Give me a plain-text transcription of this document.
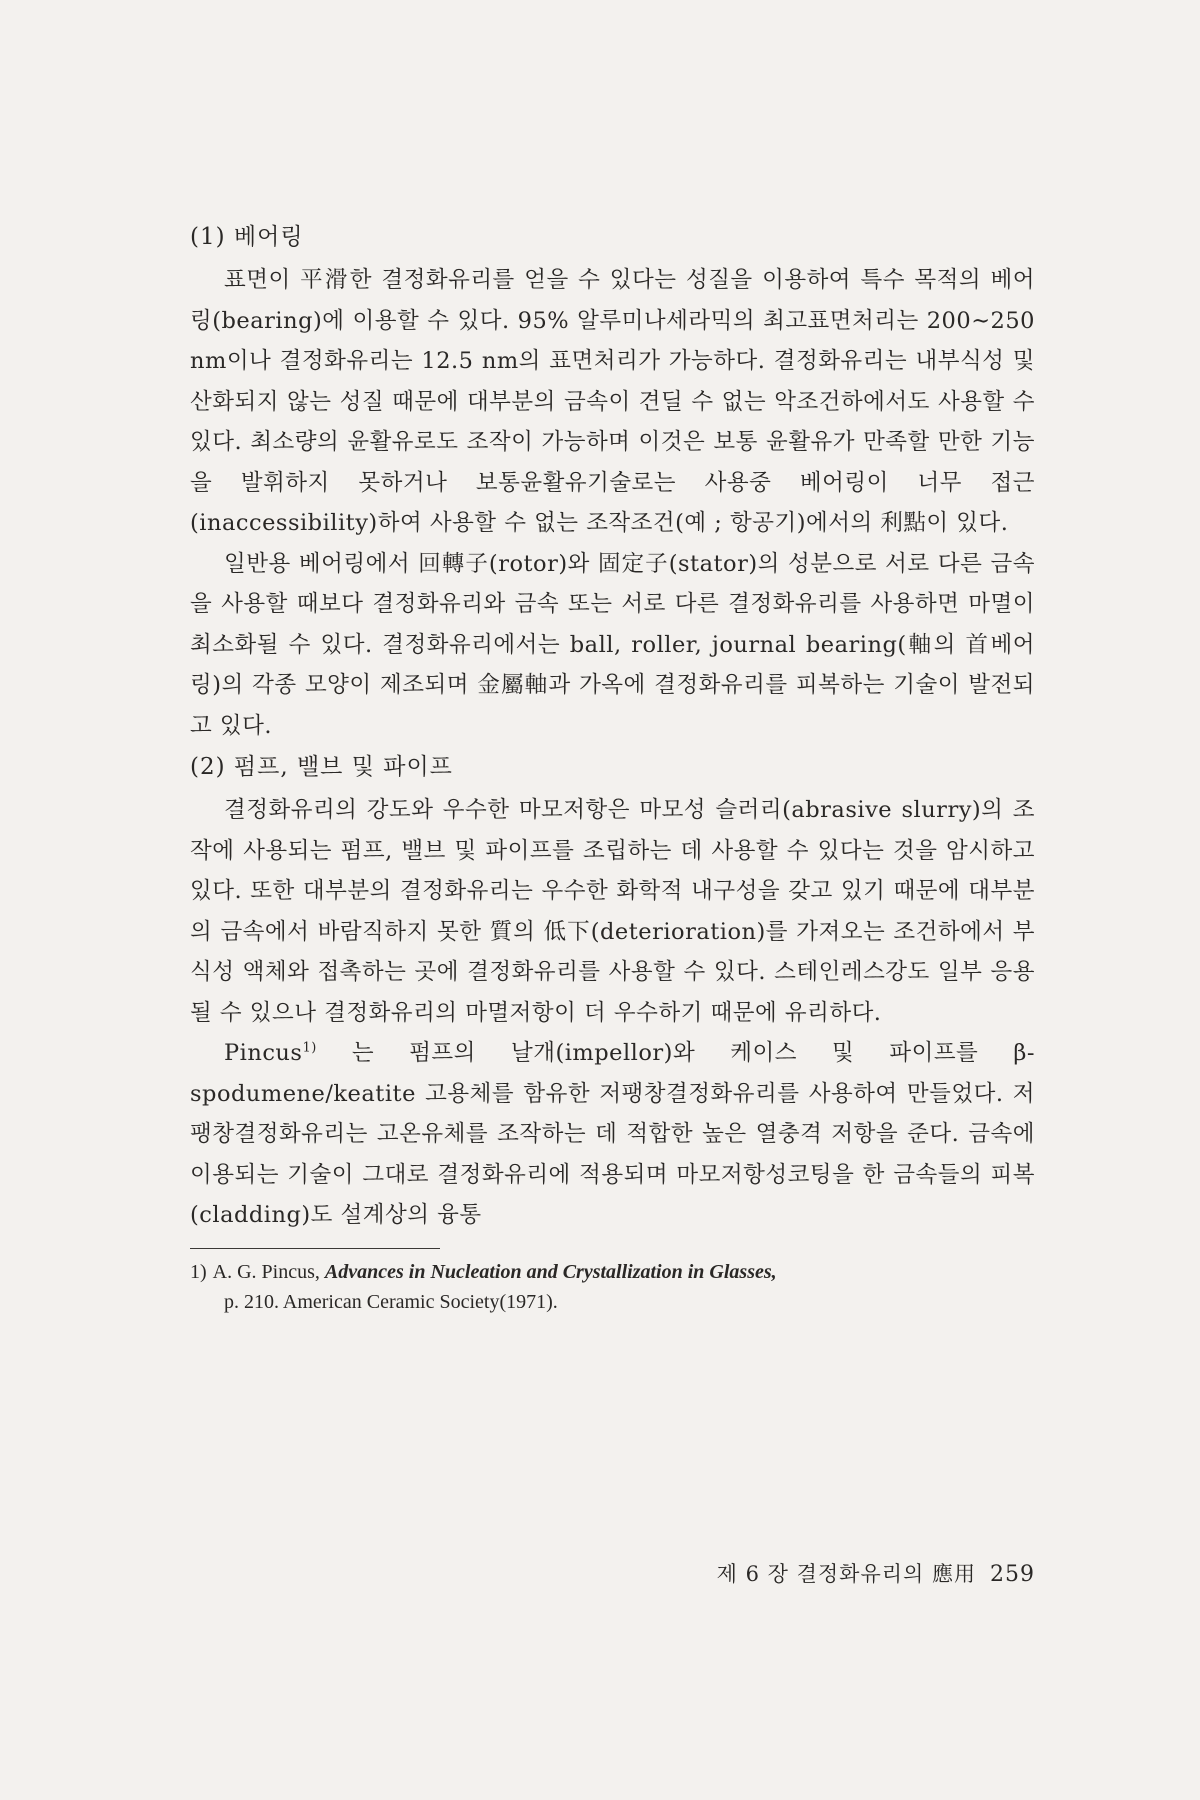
(1) 베어링

표면이 平滑한 결정화유리를 얻을 수 있다는 성질을 이용하여 특수 목적의 베어링(bearing)에 이용할 수 있다. 95% 알루미나세라믹의 최고표면처리는 200∼250 nm이나 결정화유리는 12.5 nm의 표면처리가 가능하다. 결정화유리는 내부식성 및 산화되지 않는 성질 때문에 대부분의 금속이 견딜 수 없는 악조건하에서도 사용할 수 있다. 최소량의 윤활유로도 조작이 가능하며 이것은 보통 윤활유가 만족할 만한 기능을 발휘하지 못하거나 보통윤활유기술로는 사용중 베어링이 너무 접근(inaccessibility)하여 사용할 수 없는 조작조건(예 ; 항공기)에서의 利點이 있다.

일반용 베어링에서 回轉子(rotor)와 固定子(stator)의 성분으로 서로 다른 금속을 사용할 때보다 결정화유리와 금속 또는 서로 다른 결정화유리를 사용하면 마멸이 최소화될 수 있다. 결정화유리에서는 ball, roller, journal bearing(軸의 首베어링)의 각종 모양이 제조되며 金屬軸과 가옥에 결정화유리를 피복하는 기술이 발전되고 있다.

(2) 펌프, 밸브 및 파이프

결정화유리의 강도와 우수한 마모저항은 마모성 슬러리(abrasive slurry)의 조작에 사용되는 펌프, 밸브 및 파이프를 조립하는 데 사용할 수 있다는 것을 암시하고 있다. 또한 대부분의 결정화유리는 우수한 화학적 내구성을 갖고 있기 때문에 대부분의 금속에서 바람직하지 못한 質의 低下(deterioration)를 가져오는 조건하에서 부식성 액체와 접촉하는 곳에 결정화유리를 사용할 수 있다. 스테인레스강도 일부 응용될 수 있으나 결정화유리의 마멸저항이 더 우수하기 때문에 유리하다.

Pincus$^{1)}$ 는 펌프의 날개(impellor)와 케이스 및 파이프를 β-spodumene/keatite 고용체를 함유한 저팽창결정화유리를 사용하여 만들었다. 저팽창결정화유리는 고온유체를 조작하는 데 적합한 높은 열충격 저항을 준다. 금속에 이용되는 기술이 그대로 결정화유리에 적용되며 마모저항성코팅을 한 금속들의 피복(cladding)도 설계상의 융통

1) A. G. Pincus, Advances in Nucleation and Crystallization in Glasses,
p. 210. American Ceramic Society(1971).

제 6 장 결정화유리의 應用 259
